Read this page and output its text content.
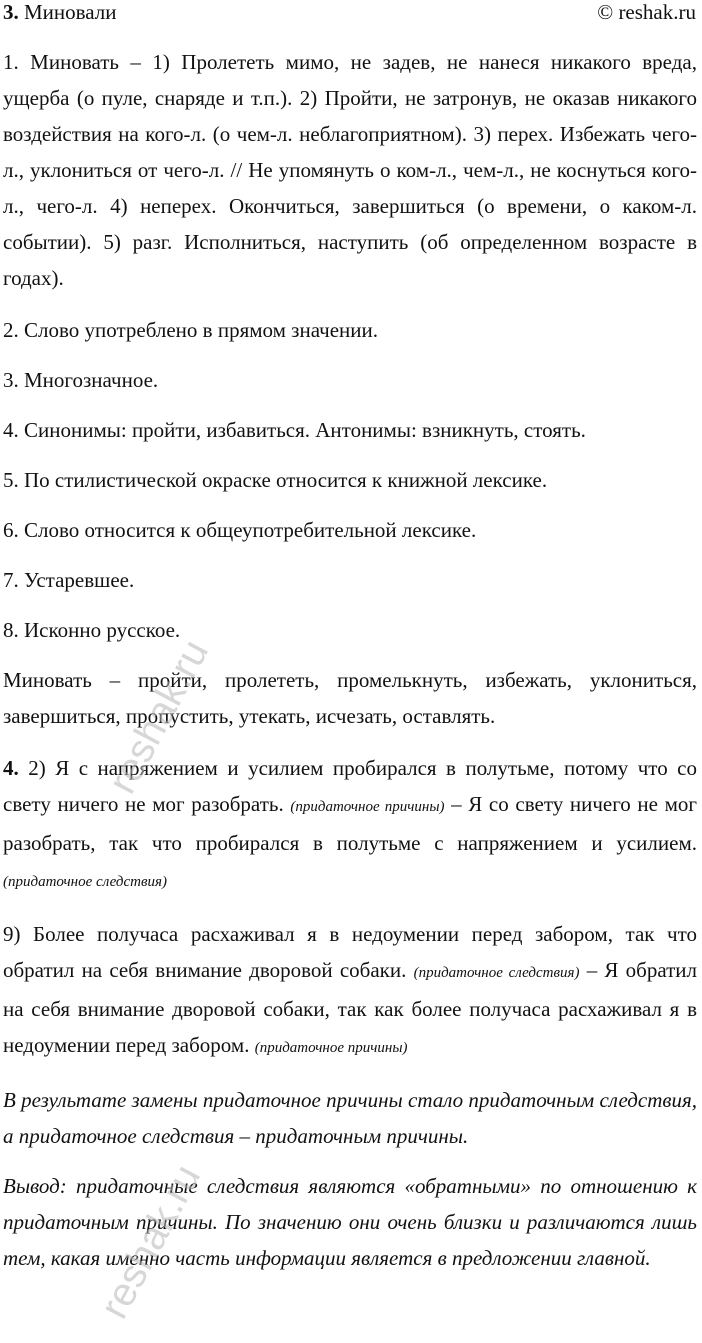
3. Миновали	© reshak.ru

1. Миновать – 1) Пролететь мимо, не задев, не нанеся никакого вреда, ущерба (о пуле, снаряде и т.п.). 2) Пройти, не затронув, не оказав никакого воздействия на кого-л. (о чем-л. неблагоприятном). 3) перех. Избежать чего-л., уклониться от чего-л. // Не упомянуть о ком-л., чем-л., не коснуться кого-л., чего-л. 4) неперех. Окончиться, завершиться (о времени, о каком-л. событии). 5) разг. Исполниться, наступить (об определенном возрасте в годах).

2. Слово употреблено в прямом значении.

3. Многозначное.

4. Синонимы: пройти, избавиться. Антонимы: взникнуть, стоять.

5. По стилистической окраске относится к книжной лексике.

6. Слово относится к общеупотребительной лексике.

7. Устаревшее.

8. Исконно русское.

Миновать – пройти, пролететь, промелькнуть, избежать, уклониться, завершиться, пропустить, утекать, исчезать, оставлять.

4. 2) Я с напряжением и усилием пробирался в полутьме, потому что со свету ничего не мог разобрать. (придаточное причины) – Я со свету ничего не мог разобрать, так что пробирался в полутьме с напряжением и усилием. (придаточное следствия)

9) Более получаса расхаживал я в недоумении перед забором, так что обратил на себя внимание дворовой собаки. (придаточное следствия) – Я обратил на себя внимание дворовой собаки, так как более получаса расхаживал я в недоумении перед забором. (придаточное причины)

В результате замены придаточное причины стало придаточным следствия, а придаточное следствия – придаточным причины.

Вывод: придаточные следствия являются «обратными» по отношению к придаточным причины. По значению они очень близки и различаются лишь тем, какая именно часть информации является в предложении главной.

reshak.ru
reshak.ru
